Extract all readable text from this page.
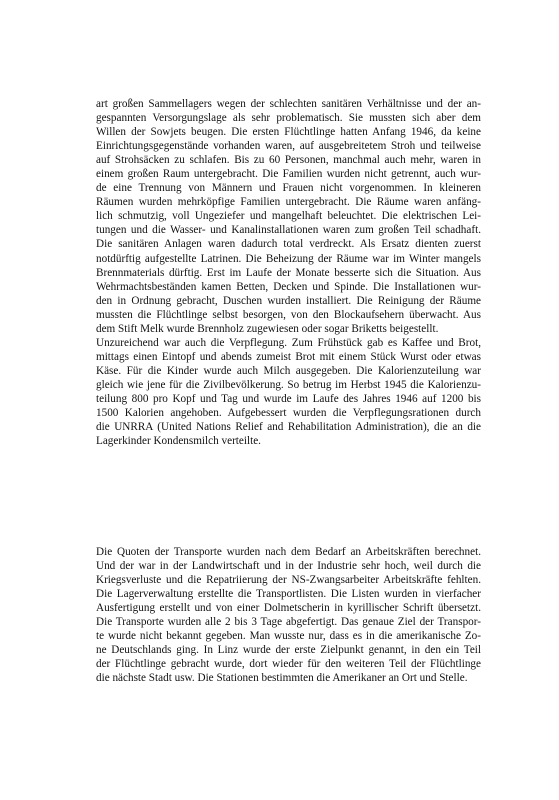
art großen Sammellagers wegen der schlechten sanitären Verhältnisse und der an-
gespannten Versorgungslage als sehr problematisch. Sie mussten sich aber dem
Willen der Sowjets beugen. Die ersten Flüchtlinge hatten Anfang 1946, da keine
Einrichtungsgegenstände vorhanden waren, auf ausgebreitetem Stroh und teilweise
auf Strohsäcken zu schlafen. Bis zu 60 Personen, manchmal auch mehr, waren in
einem großen Raum untergebracht. Die Familien wurden nicht getrennt, auch wur-
de eine Trennung von Männern und Frauen nicht vorgenommen. In kleineren
Räumen wurden mehrköpfige Familien untergebracht. Die Räume waren anfäng-
lich schmutzig, voll Ungeziefer und mangelhaft beleuchtet. Die elektrischen Lei-
tungen und die Wasser- und Kanalinstallationen waren zum großen Teil schadhaft.
Die sanitären Anlagen waren dadurch total verdreckt. Als Ersatz dienten zuerst
notdürftig aufgestellte Latrinen. Die Beheizung der Räume war im Winter mangels
Brennmaterials dürftig. Erst im Laufe der Monate besserte sich die Situation. Aus
Wehrmachtsbeständen kamen Betten, Decken und Spinde. Die Installationen wur-
den in Ordnung gebracht, Duschen wurden installiert. Die Reinigung der Räume
mussten die Flüchtlinge selbst besorgen, von den Blockaufsehern überwacht. Aus
dem Stift Melk wurde Brennholz zugewiesen oder sogar Briketts beigestellt.
Unzureichend war auch die Verpflegung. Zum Frühstück gab es Kaffee und Brot,
mittags einen Eintopf und abends zumeist Brot mit einem Stück Wurst oder etwas
Käse. Für die Kinder wurde auch Milch ausgegeben. Die Kalorienzuteilung war
gleich wie jene für die Zivilbevölkerung. So betrug im Herbst 1945 die Kalorienzu-
teilung 800 pro Kopf und Tag und wurde im Laufe des Jahres 1946 auf 1200 bis
1500 Kalorien angehoben. Aufgebessert wurden die Verpflegungsrationen durch
die UNRRA (United Nations Relief and Rehabilitation Administration), die an die
Lagerkinder Kondensmilch verteilte.
Die Quoten der Transporte wurden nach dem Bedarf an Arbeitskräften berechnet.
Und der war in der Landwirtschaft und in der Industrie sehr hoch, weil durch die
Kriegsverluste und die Repatriierung der NS-Zwangsarbeiter Arbeitskräfte fehlten.
Die Lagerverwaltung erstellte die Transportlisten. Die Listen wurden in vierfacher
Ausfertigung erstellt und von einer Dolmetscherin in kyrillischer Schrift übersetzt.
Die Transporte wurden alle 2 bis 3 Tage abgefertigt. Das genaue Ziel der Transpor-
te wurde nicht bekannt gegeben. Man wusste nur, dass es in die amerikanische Zo-
ne Deutschlands ging. In Linz wurde der erste Zielpunkt genannt, in den ein Teil
der Flüchtlinge gebracht wurde, dort wieder für den weiteren Teil der Flüchtlinge
die nächste Stadt usw. Die Stationen bestimmten die Amerikaner an Ort und Stelle.
